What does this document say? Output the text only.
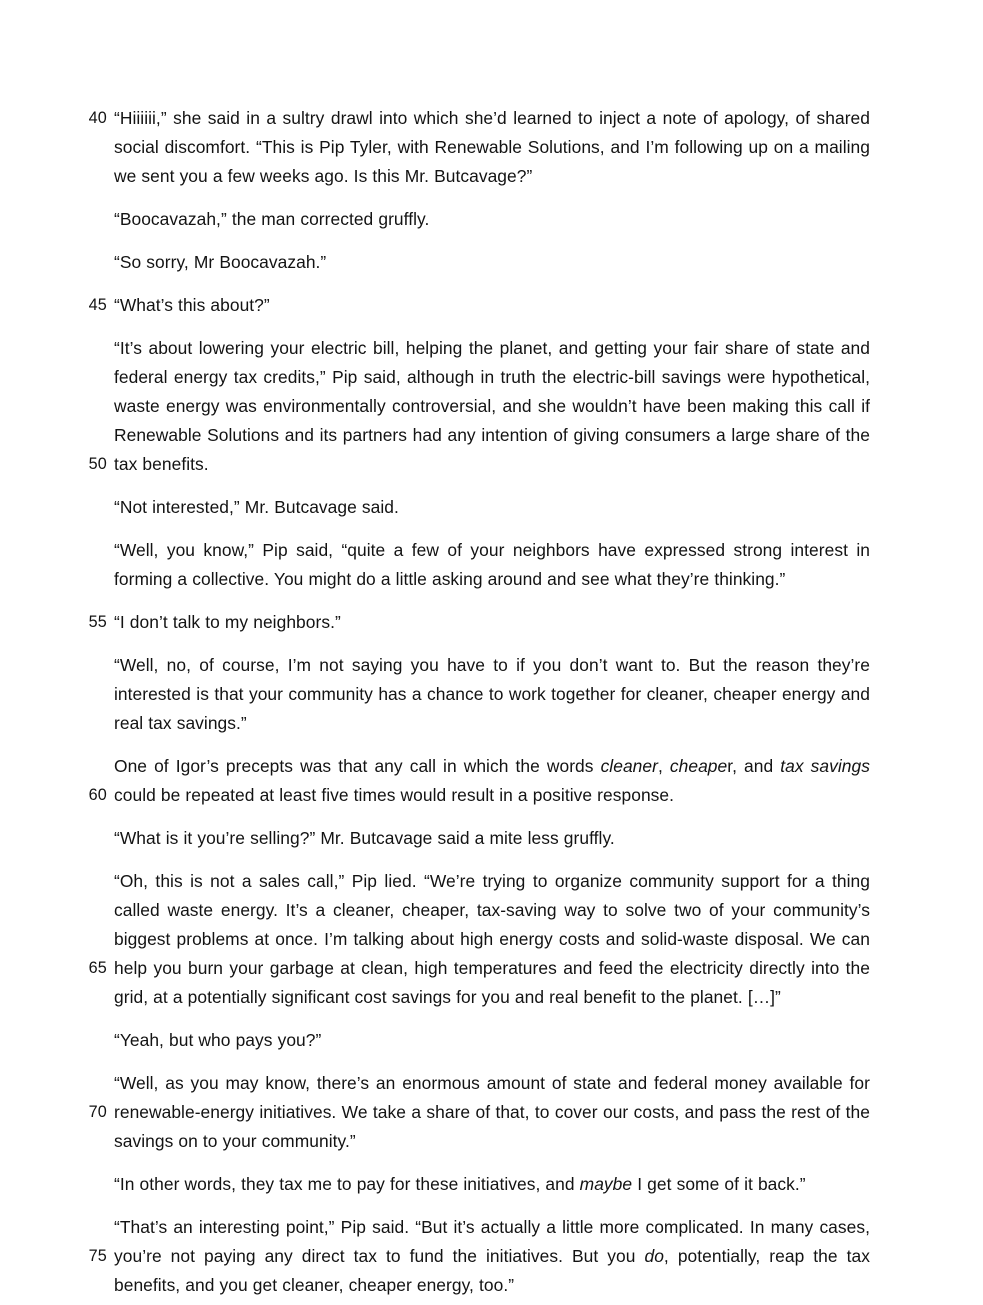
40 “Hiiiiii,” she said in a sultry drawl into which she’d learned to inject a note of apology, of shared social discomfort. “This is Pip Tyler, with Renewable Solutions, and I’m following up on a mailing we sent you a few weeks ago. Is this Mr. Butcavage?”
“Boocavazah,” the man corrected gruffly.
“So sorry, Mr Boocavazah.”
45 “What’s this about?”
50
“It’s about lowering your electric bill, helping the planet, and getting your fair share of state and federal energy tax credits,” Pip said, although in truth the electric-bill savings were hypothetical, waste energy was environmentally controversial, and she wouldn’t have been making this call if Renewable Solutions and its partners had any intention of giving consumers a large share of the tax benefits.
“Not interested,” Mr. Butcavage said.
“Well, you know,” Pip said, “quite a few of your neighbors have expressed strong interest in forming a collective. You might do a little asking around and see what they’re thinking.”
55 “I don’t talk to my neighbors.”
“Well, no, of course, I’m not saying you have to if you don’t want to. But the reason they’re interested is that your community has a chance to work together for cleaner, cheaper energy and real tax savings.”
60
One of Igor’s precepts was that any call in which the words cleaner, cheaper, and tax savings could be repeated at least five times would result in a positive response.
“What is it you’re selling?” Mr. Butcavage said a mite less gruffly.
65
“Oh, this is not a sales call,” Pip lied. “We’re trying to organize community support for a thing called waste energy. It’s a cleaner, cheaper, tax-saving way to solve two of your community’s biggest problems at once. I’m talking about high energy costs and solid-waste disposal. We can help you burn your garbage at clean, high temperatures and feed the electricity directly into the grid, at a potentially significant cost savings for you and real benefit to the planet. […]”
“Yeah, but who pays you?”
70
“Well, as you may know, there’s an enormous amount of state and federal money available for renewable-energy initiatives. We take a share of that, to cover our costs, and pass the rest of the savings on to your community.”
“In other words, they tax me to pay for these initiatives, and maybe I get some of it back.”
75
“That’s an interesting point,” Pip said. “But it’s actually a little more complicated. In many cases, you’re not paying any direct tax to fund the initiatives. But you do, potentially, reap the tax benefits, and you get cleaner, cheaper energy, too.”
